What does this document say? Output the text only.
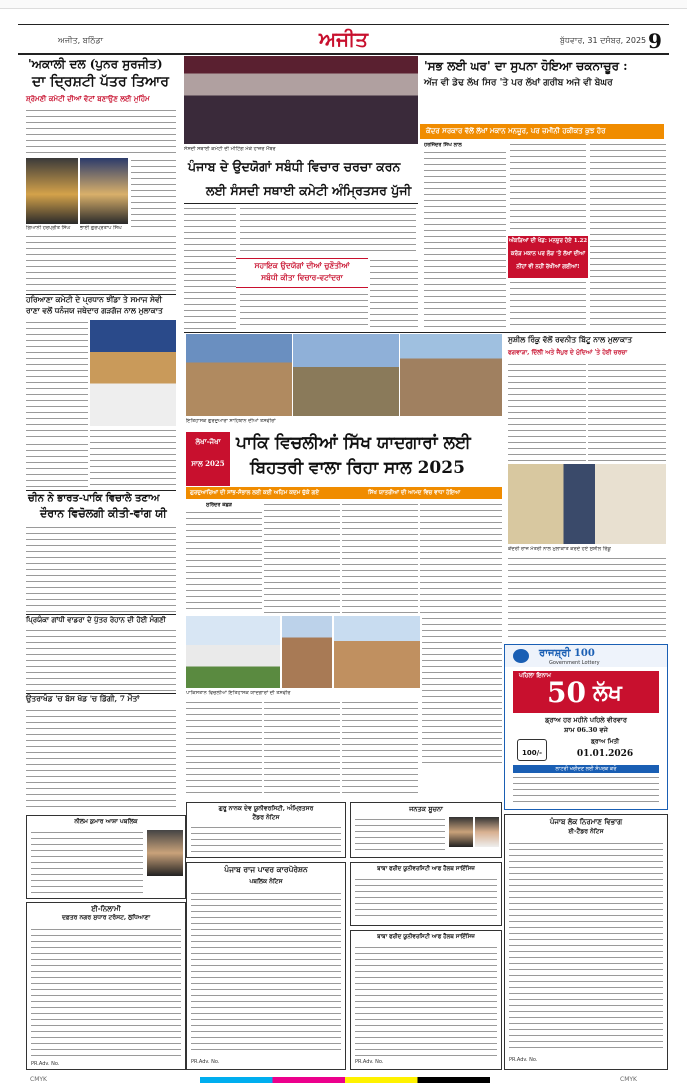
ਅਜੀਤ, ਬਠਿੰਡਾ	ਅਜੀਤ	ਬੁੱਧਵਾਰ, 31 ਦਸੰਬਰ, 2025 9
'ਅਕਾਲੀ ਦਲ (ਪੁਨਰ ਸੁਰਜੀਤ)
ਦਾ ਦ੍ਰਿਸ਼ਟੀ ਪੱਤਰ ਤਿਆਰ
ਸ਼੍ਰੋਮਣੀ ਕਮੇਟੀ ਦੀਆਂ ਵੋਟਾਂ ਬਣਾਉਣ ਲਈ ਮੁਹਿੰਮ
ਗਿਆਨੀ ਹਰਪ੍ਰੀਤ ਸਿੰਘ	ਭਾਈ ਗੁਰਪ੍ਰਤਾਪ ਸਿੰਘ
ਹਰਿਆਣਾ ਕਮੇਟੀ ਦੇ ਪ੍ਰਧਾਨ ਝੀਂਡਾ ਤੇ ਸਮਾਜ ਸੇਵੀ
ਰਾਣਾ ਵਲੋਂ ਧਨੰਜਯ ਜਥੇਦਾਰ ਗੜਗੱਜ ਨਾਲ ਮੁਲਾਕਾਤ
ਚੀਨ ਨੇ ਭਾਰਤ-ਪਾਕਿ ਵਿਚਾਲੇ ਤਣਾਅ
ਦੌਰਾਨ ਵਿਚੋਲਗੀ ਕੀਤੀ-ਵਾਂਗ ਯੀ
ਪ੍ਰਿਯੰਕਾ ਗਾਂਧੀ ਵਾਡਰਾ ਦੇ ਪੁੱਤਰ ਰੇਹਾਨ ਦੀ ਹੋਈ ਮੰਗਣੀ
ਉਤਰਾਖੰਡ 'ਚ ਬੱਸ ਖੱਡ 'ਚ ਡਿੱਗੀ, 7 ਮੌਤਾਂ
ਨੀਲਮ ਕੁਮਾਰ ਆਸ਼ਾ ਪਬਲਿਕ
ਈ-ਨਿਲਾਮੀ
ਦਫ਼ਤਰ ਨਗਰ ਸੁਧਾਰ ਟਰੱਸਟ, ਲੁਧਿਆਣਾ
PR.Adv. No.
ਸੰਸਦੀ ਸਥਾਈ ਕਮੇਟੀ ਦੀ ਮੀਟਿੰਗ ਮੌਕੇ ਹਾਜ਼ਰ ਮੈਂਬਰ
ਪੰਜਾਬ ਦੇ ਉਦਯੋਗਾਂ ਸਬੰਧੀ ਵਿਚਾਰ ਚਰਚਾ ਕਰਨ
ਲਈ ਸੰਸਦੀ ਸਥਾਈ ਕਮੇਟੀ ਅੰਮ੍ਰਿਤਸਰ ਪੁੱਜੀ
ਸਹਾਇਕ ਉਦਯੋਗਾਂ ਦੀਆਂ ਚੁਣੌਤੀਆਂ
ਸਬੰਧੀ ਕੀਤਾ ਵਿਚਾਰ-ਵਟਾਂਦਰਾ
'ਸਭ ਲਈ ਘਰ' ਦਾ ਸੁਪਨਾ ਹੋਇਆ ਚਕਨਾਚੂਰ :
ਅੱਜ ਵੀ ਡੇਢ ਲੱਖ ਸਿਰ 'ਤੇ ਪਰ ਲੱਖਾਂ ਗਰੀਬ ਅਜੇ ਵੀ ਬੇਘਰ
ਕੇਂਦਰ ਸਰਕਾਰ ਵੱਲੋਂ ਲੱਖਾਂ ਮਕਾਨ ਮਨਜ਼ੂਰ, ਪਰ ਜ਼ਮੀਨੀ ਹਕੀਕਤ ਕੁਝ ਹੋਰ
ਹਰਜਿੰਦਰ ਸਿੰਘ ਲਾਲ
ਅੰਕੜਿਆਂ ਦੀ ਖੇਡ: ਮਨਜ਼ੂਰ ਹੋਏ 1.22
ਕਰੋੜ ਮਕਾਨ ਪਰ ਲੋੜ 'ਤੇ ਲੱਖਾਂ ਦੀਆਂ
ਨੀਂਹਾਂ ਵੀ ਨਹੀਂ ਰੱਖੀਆਂ ਗਈਆਂ!
ਇਤਿਹਾਸਕ ਗੁਰਦੁਆਰਾ ਸਾਹਿਬਾਨ ਦੀਆਂ ਤਸਵੀਰਾਂ
ਲੇਖਾ-ਜੋਖਾ
ਸਾਲ 2025
ਪਾਕਿ ਵਿਚਲੀਆਂ ਸਿੱਖ ਯਾਦਗਾਰਾਂ ਲਈ
ਬਿਹਤਰੀ ਵਾਲਾ ਰਿਹਾ ਸਾਲ 2025
ਗੁਰਦੁਆਰਿਆਂ ਦੀ ਸਾਂਭ-ਸੰਭਾਲ ਲਈ ਕਈ ਅਹਿਮ ਕਦਮ ਚੁੱਕੇ ਗਏ	ਸਿੱਖ ਯਾਤਰੀਆਂ ਦੀ ਆਮਦ ਵਿਚ ਵਾਧਾ ਹੋਇਆ
ਸੁਰਿੰਦਰ ਕੋਛੜ
ਪਾਕਿਸਤਾਨ ਵਿਚਲੀਆਂ ਇਤਿਹਾਸਕ ਯਾਦਗਾਰਾਂ ਦੀ ਤਸਵੀਰ
ਸੁਸ਼ੀਲ ਰਿੰਕੂ ਵੱਲੋਂ ਰਵਨੀਤ ਬਿੱਟੂ ਨਾਲ ਮੁਲਾਕਾਤ
ਫਗਵਾੜਾ, ਦਿੱਲੀ ਅਤੇ ਜੈਪੁਰ ਦੇ ਮੁੱਦਿਆਂ 'ਤੇ ਹੋਈ ਚਰਚਾ
ਕੇਂਦਰੀ ਰਾਜ ਮੰਤਰੀ ਨਾਲ ਮੁਲਾਕਾਤ ਕਰਦੇ ਹੋਏ ਸੁਸ਼ੀਲ ਰਿੰਕੂ
ਰਾਜਸ਼੍ਰੀ 100
Government Lottery
ਪਹਿਲਾ ਇਨਾਮ
50 ਲੱਖ
ਡ੍ਰਾਅ ਹਰ ਮਹੀਨੇ ਪਹਿਲੇ ਵੀਰਵਾਰ
ਸ਼ਾਮ 06.30 ਵਜੇ
100/-
ਡ੍ਰਾਅ ਮਿਤੀ
01.01.2026
ਲਾਟਰੀ ਖਰੀਦਣ ਲਈ ਸੰਪਰਕ ਕਰੋ
ਗੁਰੂ ਨਾਨਕ ਦੇਵ ਯੂਨੀਵਰਸਿਟੀ, ਅੰਮ੍ਰਿਤਸਰ
ਟੈਂਡਰ ਨੋਟਿਸ
ਪੰਜਾਬ ਰਾਜ ਪਾਵਰ ਕਾਰਪੋਰੇਸ਼ਨ
ਪਬਲਿਕ ਨੋਟਿਸ
PR.Adv. No.
ਜਨਤਕ ਸੂਚਨਾ
ਬਾਬਾ ਫਰੀਦ ਯੂਨੀਵਰਸਿਟੀ ਆਫ ਹੈਲਥ ਸਾਇੰਸਿਜ਼
ਬਾਬਾ ਫਰੀਦ ਯੂਨੀਵਰਸਿਟੀ ਆਫ ਹੈਲਥ ਸਾਇੰਸਿਜ਼
PR.Adv. No.
ਪੰਜਾਬ ਲੋਕ ਨਿਰਮਾਣ ਵਿਭਾਗ
ਈ-ਟੈਂਡਰ ਨੋਟਿਸ
PR.Adv. No.
CMYK	CMYK
